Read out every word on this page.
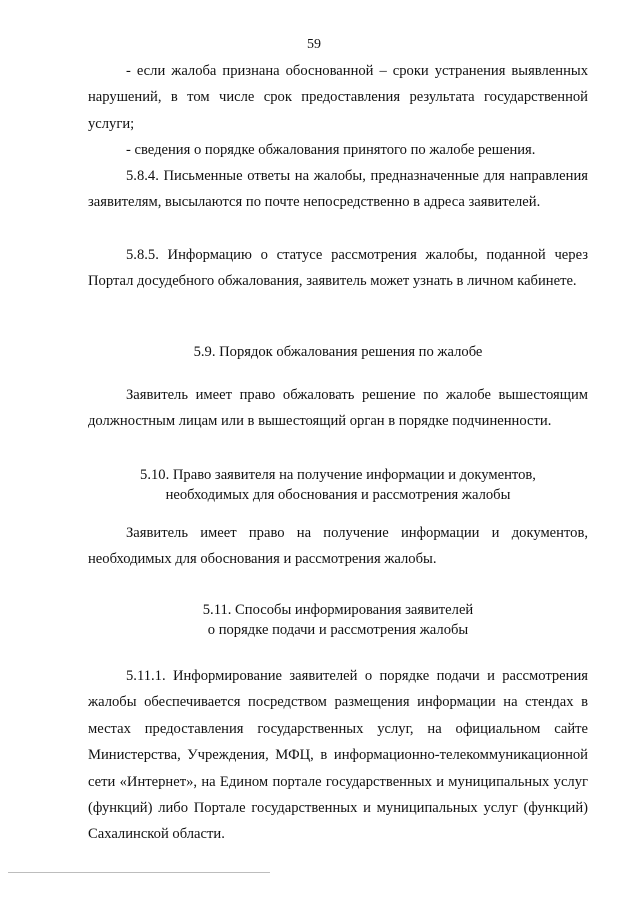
59
- если жалоба признана обоснованной – сроки устранения выявленных нарушений, в том числе срок предоставления результата государственной услуги;
- сведения о порядке обжалования принятого по жалобе решения.
5.8.4. Письменные ответы на жалобы, предназначенные для направления заявителям, высылаются по почте непосредственно в адреса заявителей.
5.8.5. Информацию о статусе рассмотрения жалобы, поданной через Портал досудебного обжалования, заявитель может узнать в личном кабинете.
5.9. Порядок обжалования решения по жалобе
Заявитель имеет право обжаловать решение по жалобе вышестоящим должностным лицам или в вышестоящий орган в порядке подчиненности.
5.10. Право заявителя на получение информации и документов,
необходимых для обоснования и рассмотрения жалобы
Заявитель имеет право на получение информации и документов, необходимых для обоснования и рассмотрения жалобы.
5.11. Способы информирования заявителей
о порядке подачи и рассмотрения жалобы
5.11.1. Информирование заявителей о порядке подачи и рассмотрения жалобы обеспечивается посредством размещения информации на стендах в местах предоставления государственных услуг, на официальном сайте Министерства, Учреждения, МФЦ, в информационно-телекоммуникационной сети «Интернет», на Едином портале государственных и муниципальных услуг (функций) либо Портале государственных и муниципальных услуг (функций) Сахалинской области.
